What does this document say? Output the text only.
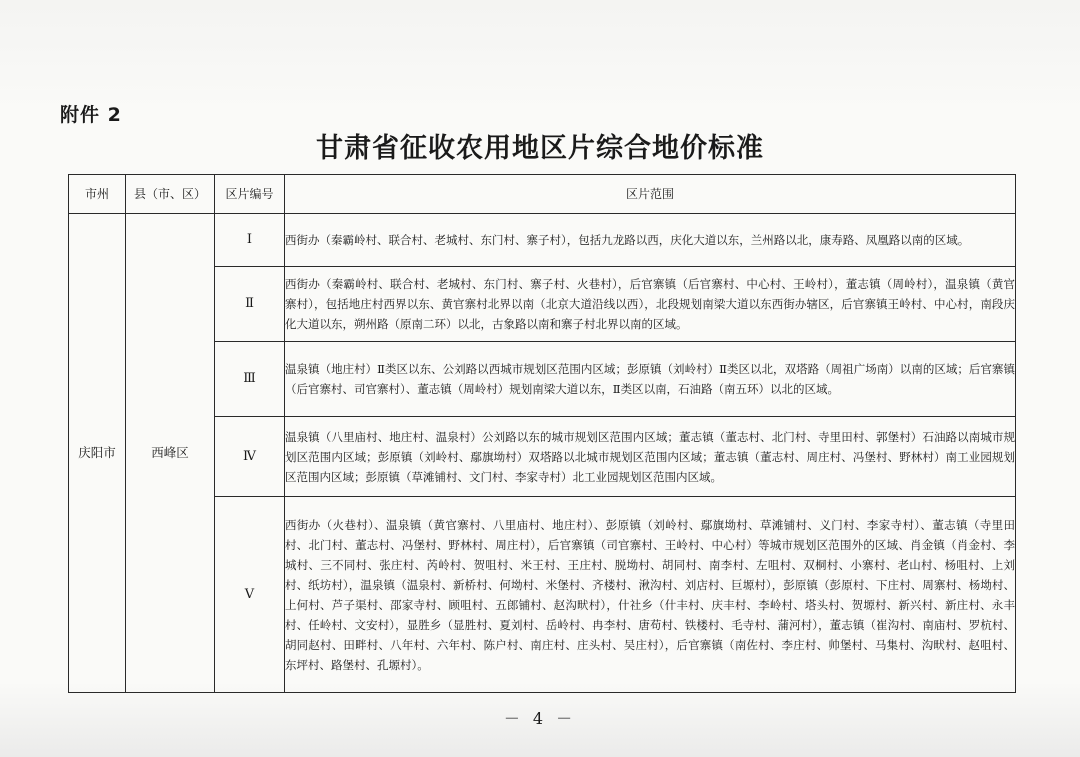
附件 2
甘肃省征收农用地区片综合地价标准
市州	县（市、区）	区片编号	区片范围
庆阳市	西峰区	Ⅰ	西街办（秦霸岭村、联合村、老城村、东门村、寨子村），包括九龙路以西，庆化大道以东，兰州路以北，康寿路、凤凰路以南的区域。
		Ⅱ	西街办（秦霸岭村、联合村、老城村、东门村、寨子村、火巷村），后官寨镇（后官寨村、中心村、王岭村），董志镇（周岭村），温泉镇（黄官寨村），包括地庄村西界以东、黄官寨村北界以南（北京大道沿线以西），北段规划南梁大道以东西街办辖区，后官寨镇王岭村、中心村，南段庆化大道以东，朔州路（原南二环）以北，古象路以南和寨子村北界以南的区域。
		Ⅲ	温泉镇（地庄村）Ⅱ类区以东、公刘路以西城市规划区范围内区域；彭原镇（刘岭村）Ⅱ类区以北，双塔路（周祖广场南）以南的区域；后官寨镇（后官寨村、司官寨村）、董志镇（周岭村）规划南梁大道以东，Ⅱ类区以南，石油路（南五环）以北的区域。
		Ⅳ	温泉镇（八里庙村、地庄村、温泉村）公刘路以东的城市规划区范围内区域；董志镇（董志村、北门村、寺里田村、郭堡村）石油路以南城市规划区范围内区域；彭原镇（刘岭村、鄢旗坳村）双塔路以北城市规划区范围内区域；董志镇（董志村、周庄村、冯堡村、野林村）南工业园规划区范围内区域；彭原镇（草滩铺村、文门村、李家寺村）北工业园规划区范围内区域。
		Ⅴ	西街办（火巷村）、温泉镇（黄官寨村、八里庙村、地庄村）、彭原镇（刘岭村、鄢旗坳村、草滩铺村、义门村、李家寺村）、董志镇（寺里田村、北门村、董志村、冯堡村、野林村、周庄村），后官寨镇（司官寨村、王岭村、中心村）等城市规划区范围外的区域、肖金镇（肖金村、李城村、三不同村、张庄村、芮岭村、贺咀村、米王村、王庄村、脱坳村、胡同村、南李村、左咀村、双桐村、小寨村、老山村、杨咀村、上刘村、纸坊村），温泉镇（温泉村、新桥村、何坳村、米堡村、齐楼村、湫沟村、刘店村、巨塬村），彭原镇（彭原村、下庄村、周寨村、杨坳村、上何村、芦子渠村、邵家寺村、顾咀村、五郎铺村、赵沟畎村），什社乡（什丰村、庆丰村、李岭村、塔头村、贺塬村、新兴村、新庄村、永丰村、任岭村、文安村），显胜乡（显胜村、夏刘村、岳岭村、冉李村、唐苟村、铁楼村、毛寺村、蒲河村），董志镇（崔沟村、南庙村、罗杭村、胡同赵村、田畔村、八年村、六年村、陈户村、南庄村、庄头村、吴庄村），后官寨镇（南佐村、李庄村、帅堡村、马集村、沟畎村、赵咀村、东坪村、路堡村、孔塬村）。
－ 4 －
